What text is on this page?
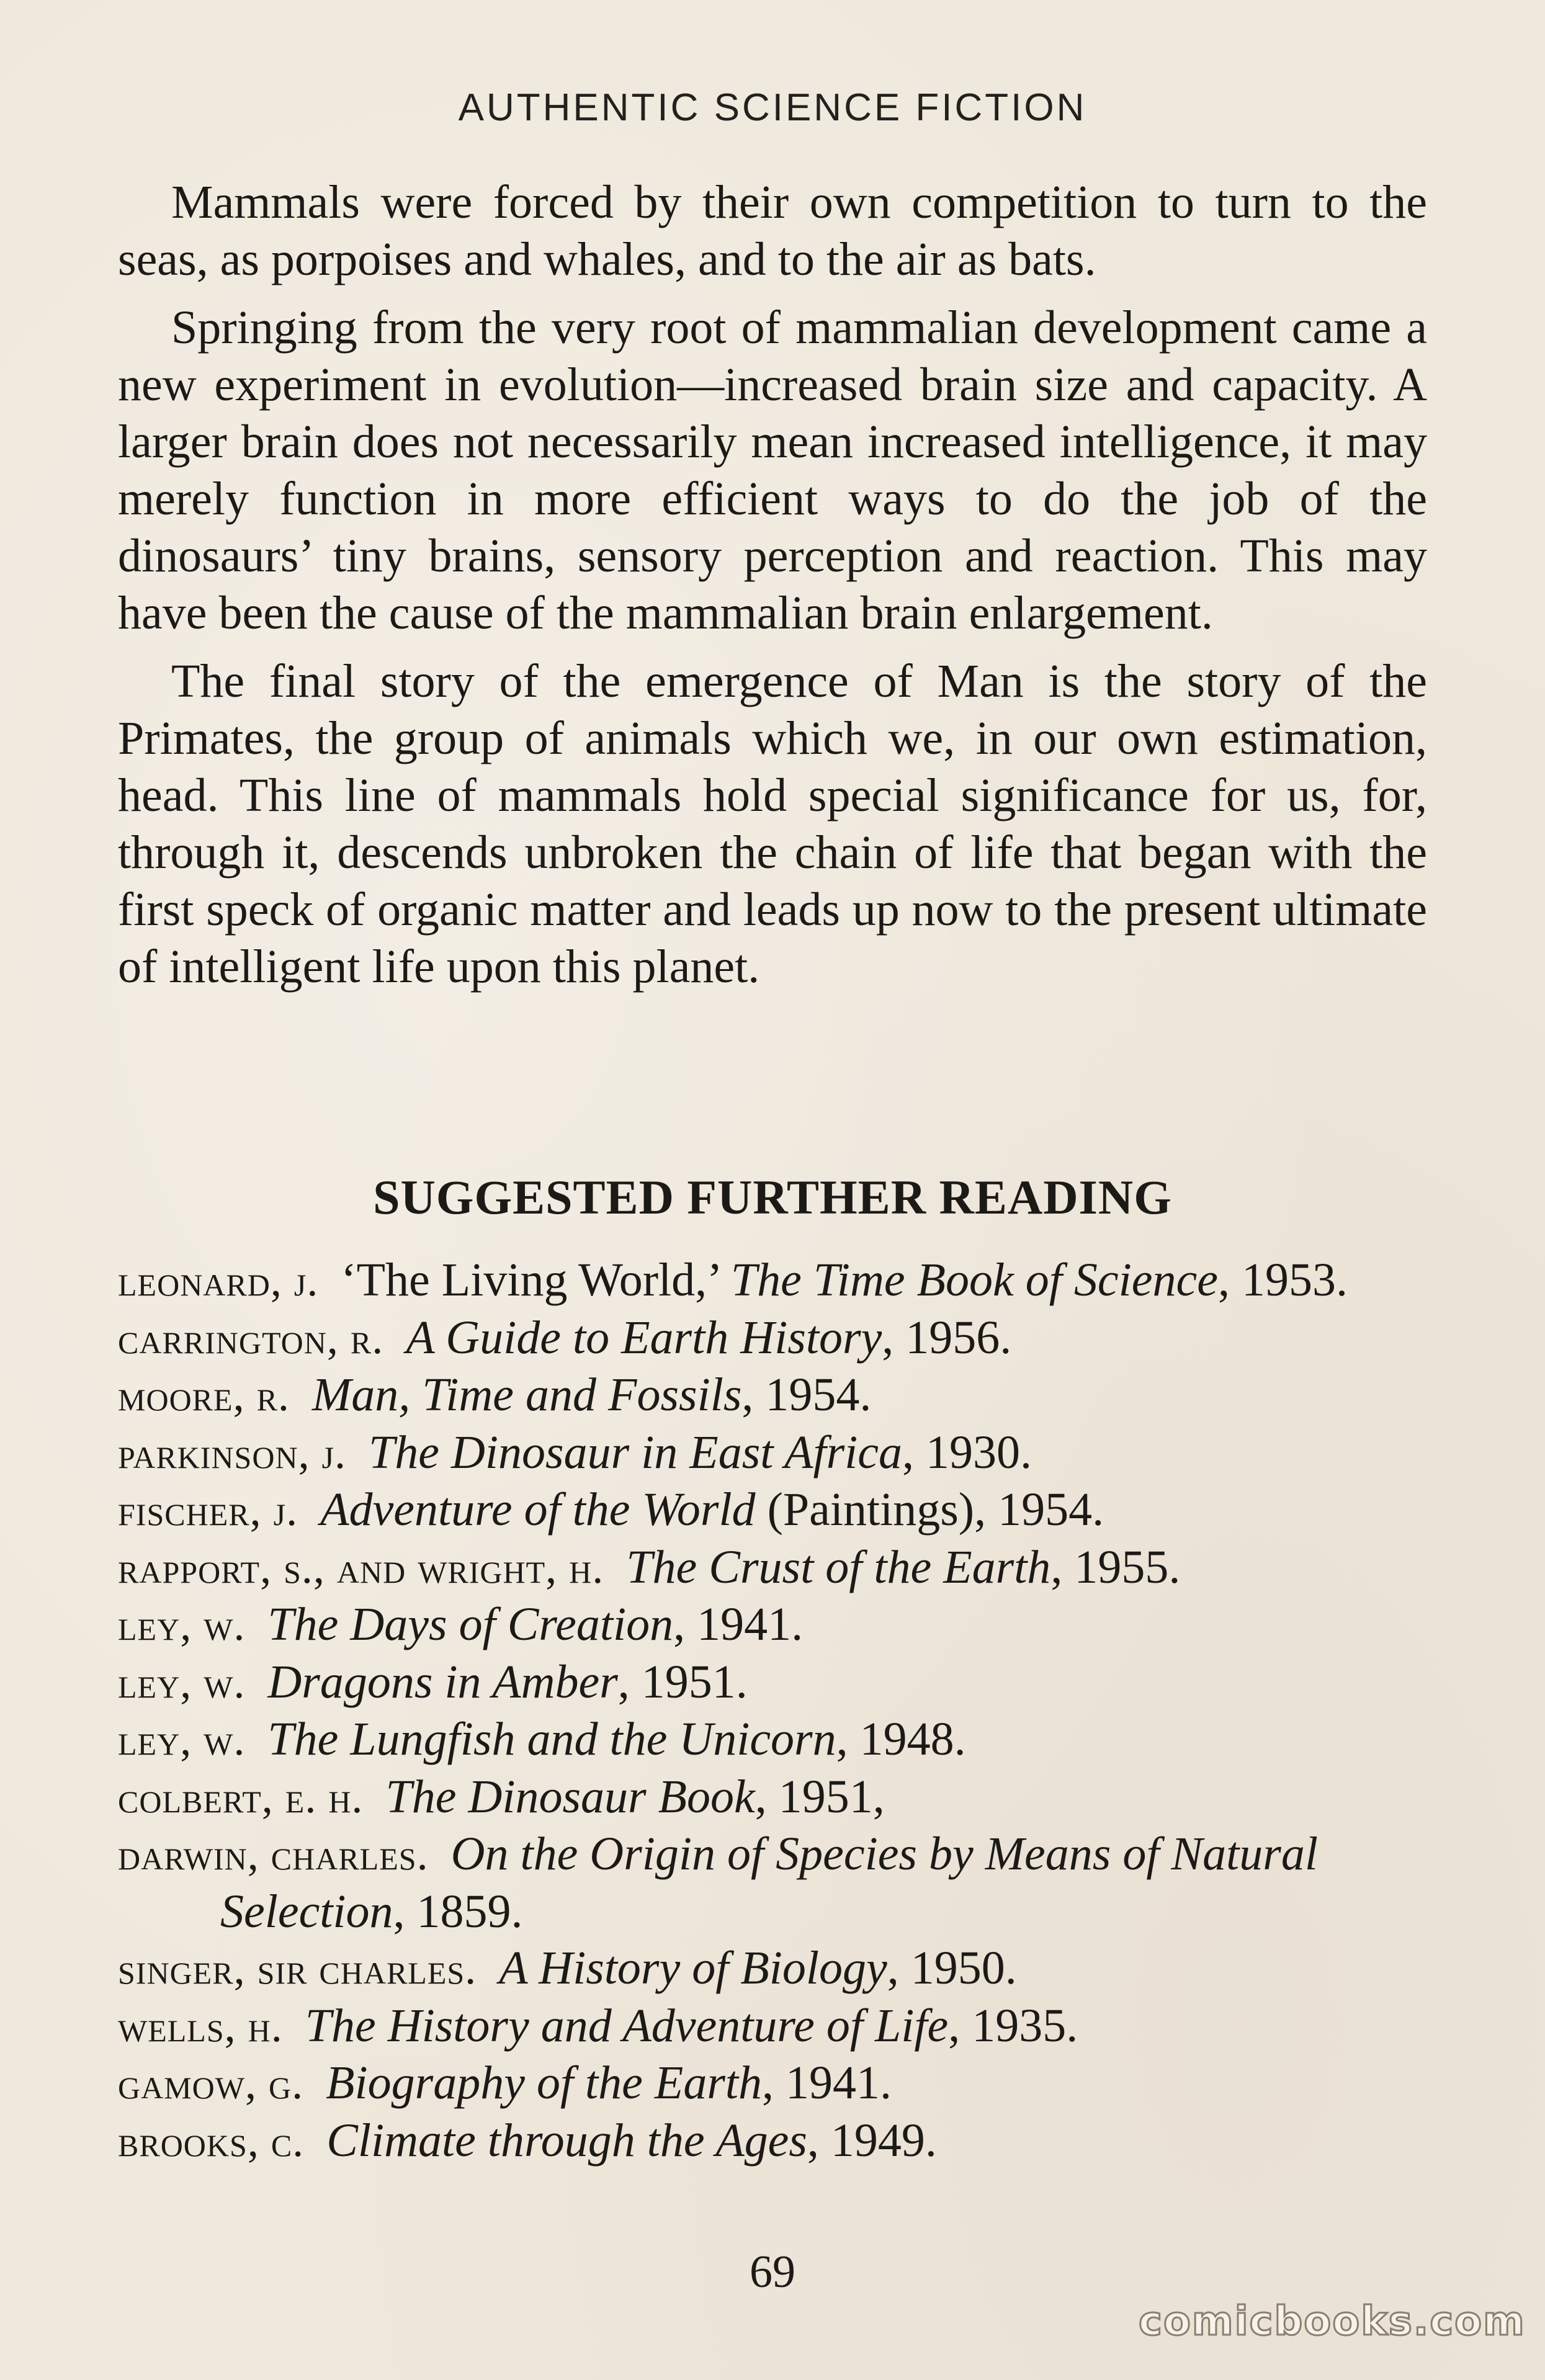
AUTHENTIC SCIENCE FICTION

Mammals were forced by their own competition to turn to the seas, as porpoises and whales, and to the air as bats.

Springing from the very root of mammalian development came a new experiment in evolution—increased brain size and capacity. A larger brain does not necessarily mean increased intelligence, it may merely function in more efficient ways to do the job of the dinosaurs’ tiny brains, sensory perception and reaction. This may have been the cause of the mammalian brain enlargement.

The final story of the emergence of Man is the story of the Primates, the group of animals which we, in our own estimation, head. This line of mammals hold special significance for us, for, through it, descends unbroken the chain of life that began with the first speck of organic matter and leads up now to the present ultimate of intelligent life upon this planet.

SUGGESTED FURTHER READING
leonard, j. ‘The Living World,’ The Time Book of Science, 1953.
carrington, r. A Guide to Earth History, 1956.
moore, r. Man, Time and Fossils, 1954.
parkinson, j. The Dinosaur in East Africa, 1930.
fischer, j. Adventure of the World (Paintings), 1954.
rapport, s., and wright, h. The Crust of the Earth, 1955.
ley, w. The Days of Creation, 1941.
ley, w. Dragons in Amber, 1951.
ley, w. The Lungfish and the Unicorn, 1948.
colbert, e. h. The Dinosaur Book, 1951,
darwin, charles. On the Origin of Species by Means of Natural Selection, 1859.
singer, sir charles. A History of Biology, 1950.
wells, h. The History and Adventure of Life, 1935.
gamow, g. Biography of the Earth, 1941.
brooks, c. Climate through the Ages, 1949.
69
comicbooks.com
